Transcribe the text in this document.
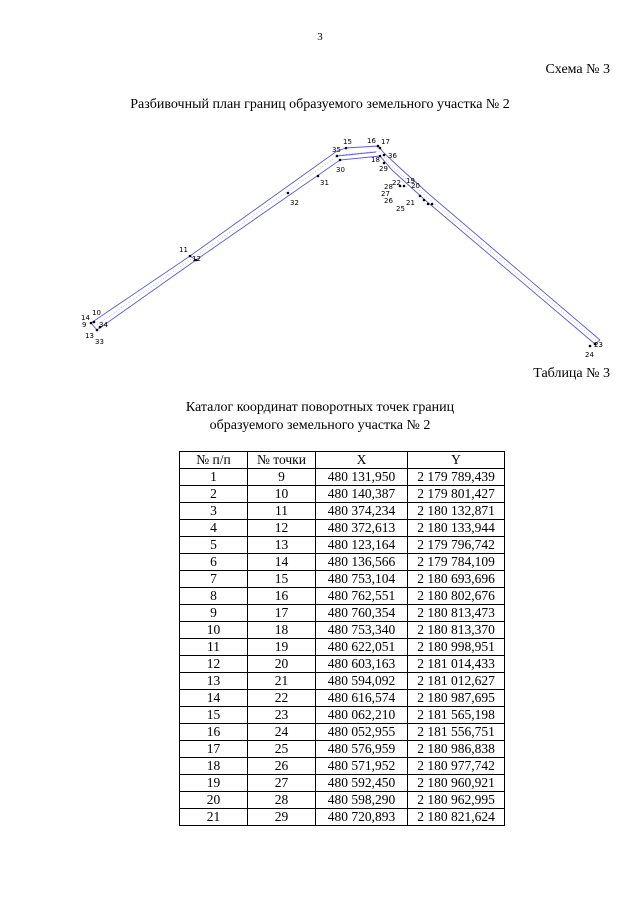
3
Схема № 3
Разбивочный план границ образуемого земельного участка № 2
15 16 17
35
18 36
30	29
31	22 19
28	20
27
21
26
25
32
11
12
14
10
9 34
13
33	23
24
Таблица № 3
Каталог координат поворотных точек границ
образуемого земельного участка № 2
№ п/п	№ точки	X	Y
1	9	480 131,950	2 179 789,439
2	10	480 140,387	2 179 801,427
3	11	480 374,234	2 180 132,871
4	12	480 372,613	2 180 133,944
5	13	480 123,164	2 179 796,742
6	14	480 136,566	2 179 784,109
7	15	480 753,104	2 180 693,696
8	16	480 762,551	2 180 802,676
9	17	480 760,354	2 180 813,473
10	18	480 753,340	2 180 813,370
11	19	480 622,051	2 180 998,951
12	20	480 603,163	2 181 014,433
13	21	480 594,092	2 181 012,627
14	22	480 616,574	2 180 987,695
15	23	480 062,210	2 181 565,198
16	24	480 052,955	2 181 556,751
17	25	480 576,959	2 180 986,838
18	26	480 571,952	2 180 977,742
19	27	480 592,450	2 180 960,921
20	28	480 598,290	2 180 962,995
21	29	480 720,893	2 180 821,624
